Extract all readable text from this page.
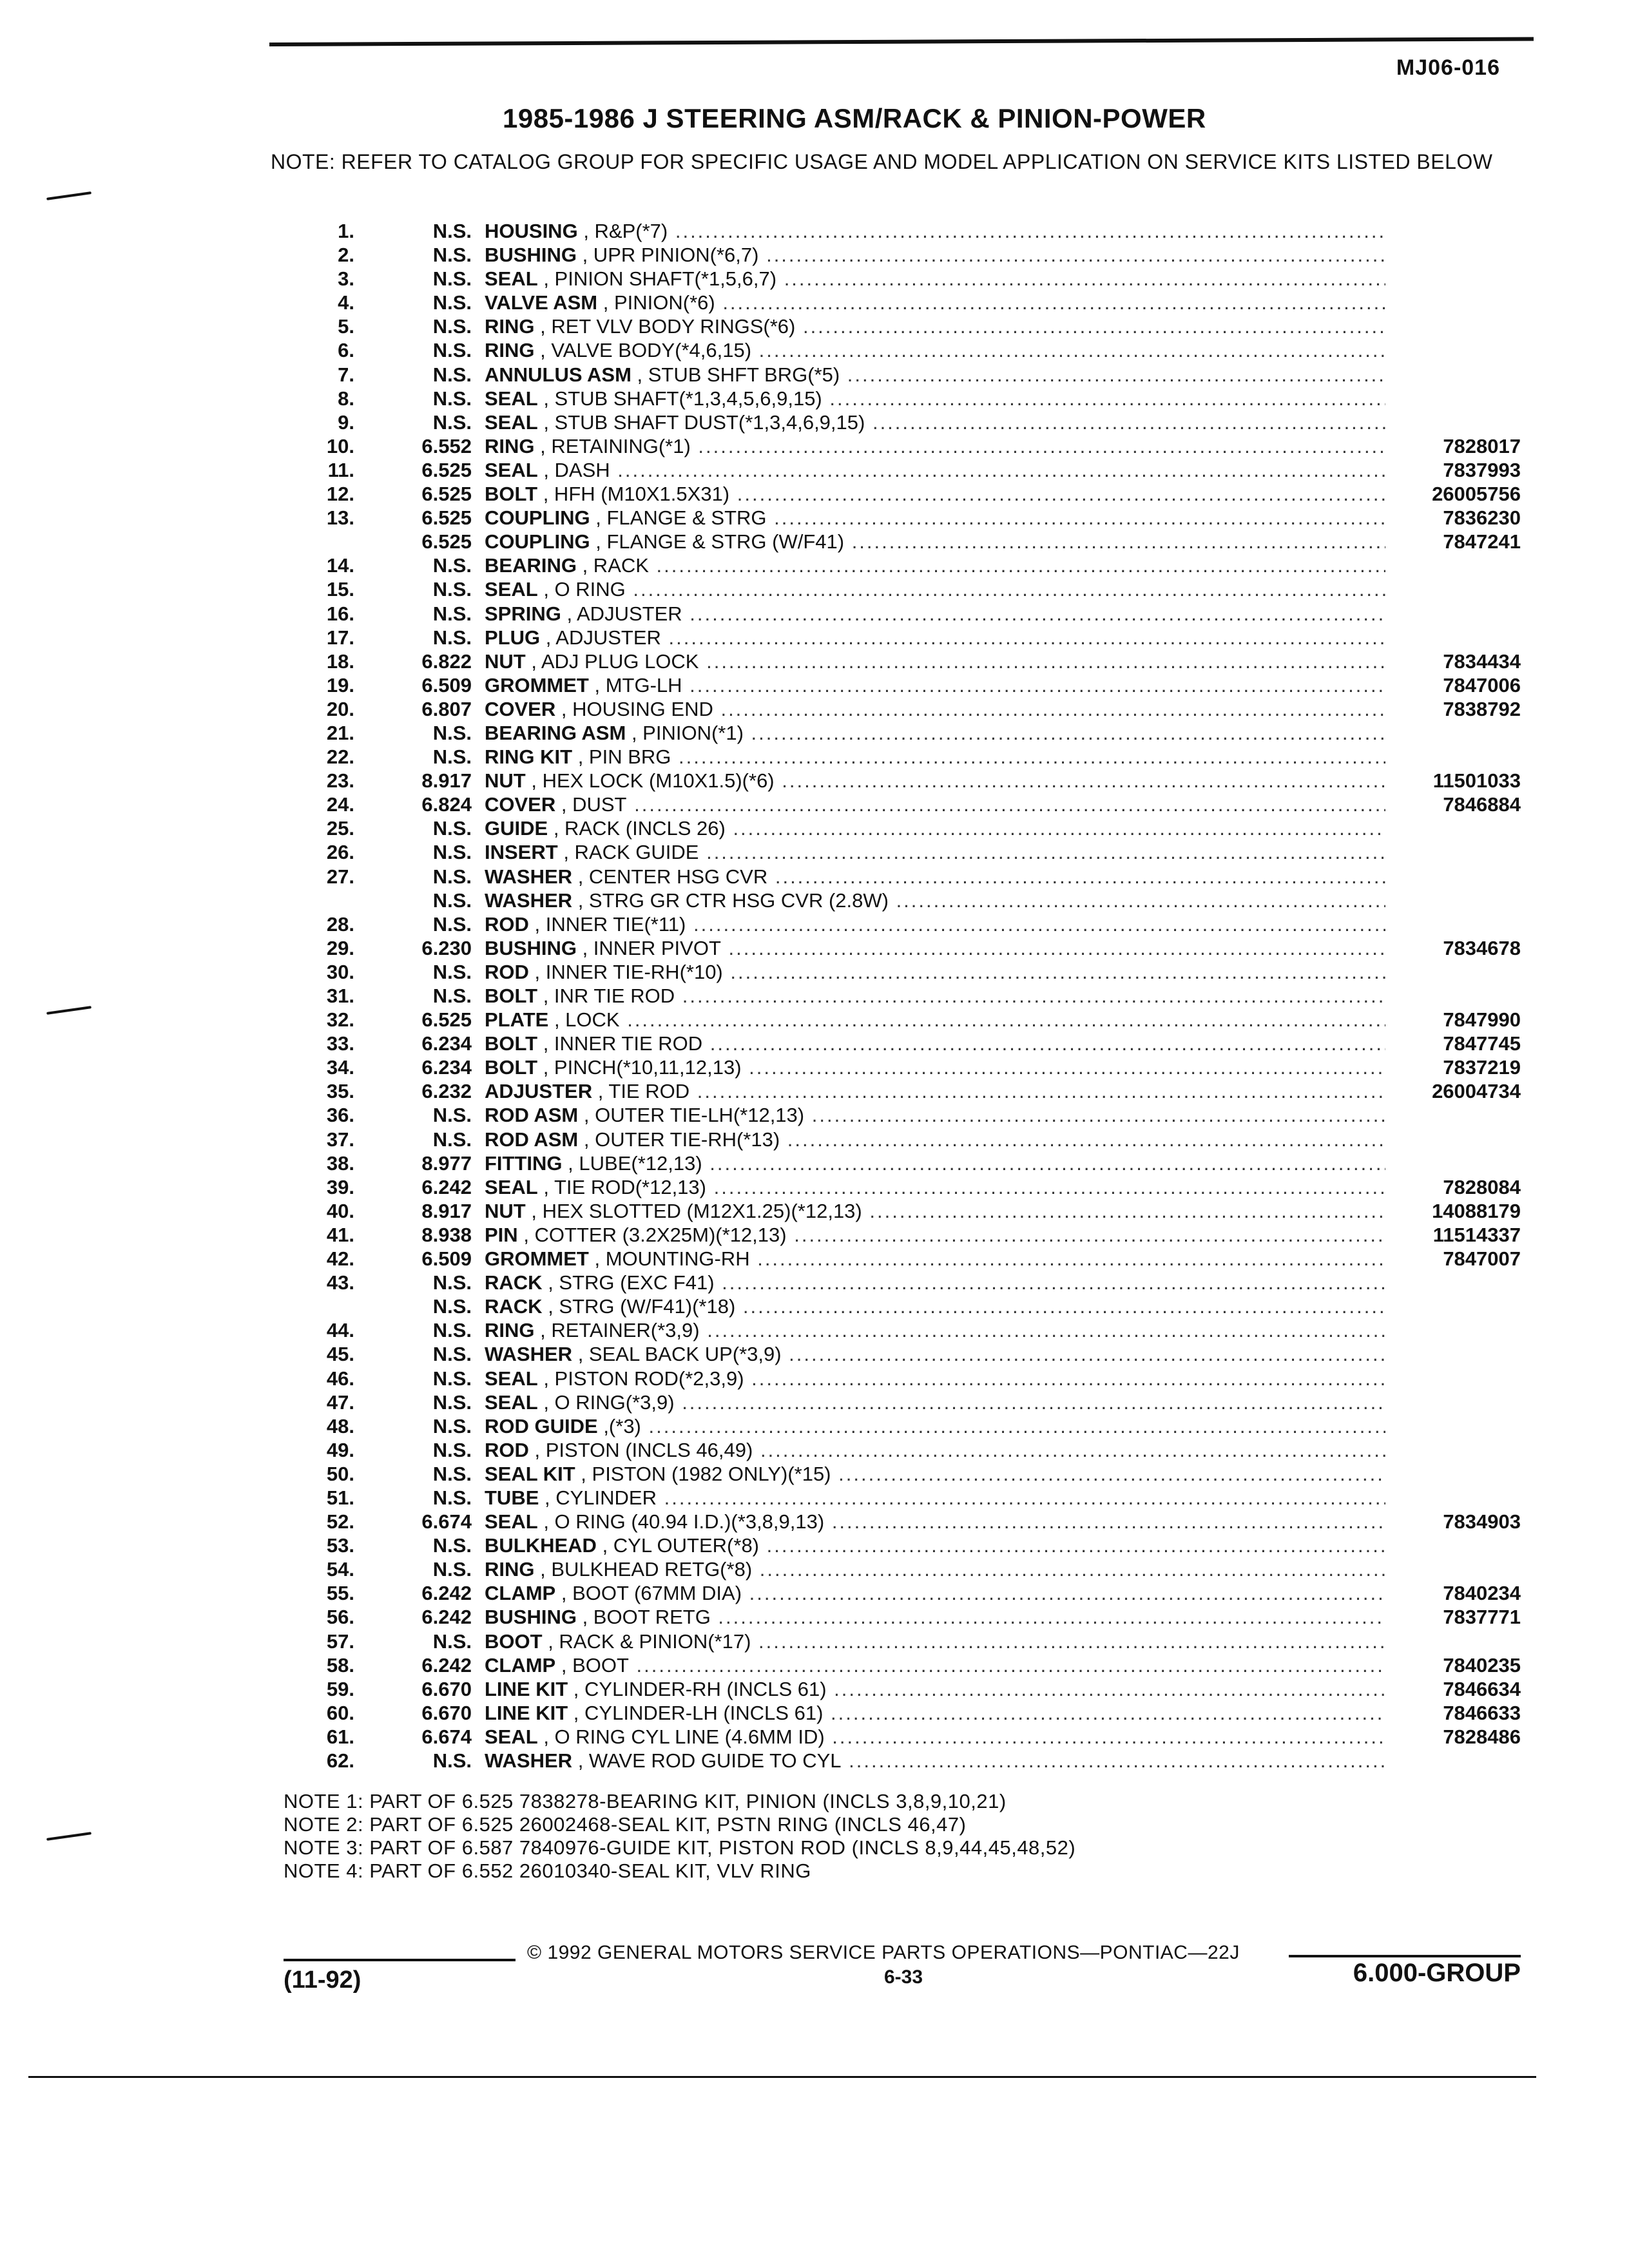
MJ06-016
1985-1986 J STEERING ASM/RACK & PINION-POWER
NOTE: REFER TO CATALOG GROUP FOR SPECIFIC USAGE AND MODEL APPLICATION ON SERVICE KITS LISTED BELOW
1.	N.S. HOUSING , R&P(*7) .....
2.	N.S. BUSHING , UPR PINION(*6,7) .....
3.	N.S. SEAL , PINION SHAFT(*1,5,6,7) .....
4.	N.S. VALVE ASM , PINION(*6) .....
5.	N.S. RING , RET VLV BODY RINGS(*6) .....
6.	N.S. RING , VALVE BODY(*4,6,15) .....
7.	N.S. ANNULUS ASM , STUB SHFT BRG(*5) .....
8.	N.S. SEAL , STUB SHAFT(*1,3,4,5,6,9,15) .....
9.	N.S. SEAL , STUB SHAFT DUST(*1,3,4,6,9,15) .....
10.	6.552 RING , RETAINING(*1) .....	7828017
11.	6.525 SEAL , DASH .....	7837993
12.	6.525 BOLT , HFH (M10X1.5X31) .....	26005756
13.	6.525 COUPLING , FLANGE & STRG .....	7836230
6.525 COUPLING , FLANGE & STRG (W/F41) .....	7847241
14.	N.S. BEARING , RACK .....
15.	N.S. SEAL , O RING .....
16.	N.S. SPRING , ADJUSTER .....
17.	N.S. PLUG , ADJUSTER .....
18.	6.822 NUT , ADJ PLUG LOCK .....	7834434
19.	6.509 GROMMET , MTG-LH .....	7847006
20.	6.807 COVER , HOUSING END .....	7838792
21.	N.S. BEARING ASM , PINION(*1) .....
22.	N.S. RING KIT , PIN BRG .....
23.	8.917 NUT , HEX LOCK (M10X1.5)(*6) .....	11501033
24.	6.824 COVER , DUST .....	7846884
25.	N.S. GUIDE , RACK (INCLS 26) .....
26.	N.S. INSERT , RACK GUIDE .....
27.	N.S. WASHER , CENTER HSG CVR .....
N.S. WASHER , STRG GR CTR HSG CVR (2.8W) .....
28.	N.S. ROD , INNER TIE(*11) .....
29.	6.230 BUSHING , INNER PIVOT .....	7834678
30.	N.S. ROD , INNER TIE-RH(*10) .....
31.	N.S. BOLT , INR TIE ROD .....
32.	6.525 PLATE , LOCK .....	7847990
33.	6.234 BOLT , INNER TIE ROD .....	7847745
34.	6.234 BOLT , PINCH(*10,11,12,13) .....	7837219
35.	6.232 ADJUSTER , TIE ROD .....	26004734
36.	N.S. ROD ASM , OUTER TIE-LH(*12,13) .....
37.	N.S. ROD ASM , OUTER TIE-RH(*13) .....
38.	8.977 FITTING , LUBE(*12,13) .....
39.	6.242 SEAL , TIE ROD(*12,13) .....	7828084
40.	8.917 NUT , HEX SLOTTED (M12X1.25)(*12,13) .....	14088179
41.	8.938 PIN , COTTER (3.2X25M)(*12,13) .....	11514337
42.	6.509 GROMMET , MOUNTING-RH .....	7847007
43.	N.S. RACK , STRG (EXC F41) .....
N.S. RACK , STRG (W/F41)(*18) .....
44.	N.S. RING , RETAINER(*3,9) .....
45.	N.S. WASHER , SEAL BACK UP(*3,9) .....
46.	N.S. SEAL , PISTON ROD(*2,3,9) .....
47.	N.S. SEAL , O RING(*3,9) .....
48.	N.S. ROD GUIDE ,(*3) .....
49.	N.S. ROD , PISTON (INCLS 46,49) .....
50.	N.S. SEAL KIT , PISTON (1982 ONLY)(*15) .....
51.	N.S. TUBE , CYLINDER .....
52.	6.674 SEAL , O RING (40.94 I.D.)(*3,8,9,13) .....	7834903
53.	N.S. BULKHEAD , CYL OUTER(*8) .....
54.	N.S. RING , BULKHEAD RETG(*8) .....
55.	6.242 CLAMP , BOOT (67MM DIA) .....	7840234
56.	6.242 BUSHING , BOOT RETG .....	7837771
57.	N.S. BOOT , RACK & PINION(*17) .....
58.	6.242 CLAMP , BOOT .....	7840235
59.	6.670 LINE KIT , CYLINDER-RH (INCLS 61) .....	7846634
60.	6.670 LINE KIT , CYLINDER-LH (INCLS 61) .....	7846633
61.	6.674 SEAL , O RING CYL LINE (4.6MM ID) .....	7828486
62.	N.S. WASHER , WAVE ROD GUIDE TO CYL .....
NOTE 1: PART OF 6.525 7838278-BEARING KIT, PINION (INCLS 3,8,9,10,21)
NOTE 2: PART OF 6.525 26002468-SEAL KIT, PSTN RING (INCLS 46,47)
NOTE 3: PART OF 6.587 7840976-GUIDE KIT, PISTON ROD (INCLS 8,9,44,45,48,52)
NOTE 4: PART OF 6.552 26010340-SEAL KIT, VLV RING
© 1992 GENERAL MOTORS SERVICE PARTS OPERATIONS—PONTIAC—22J
(11-92)	6-33	6.000-GROUP
